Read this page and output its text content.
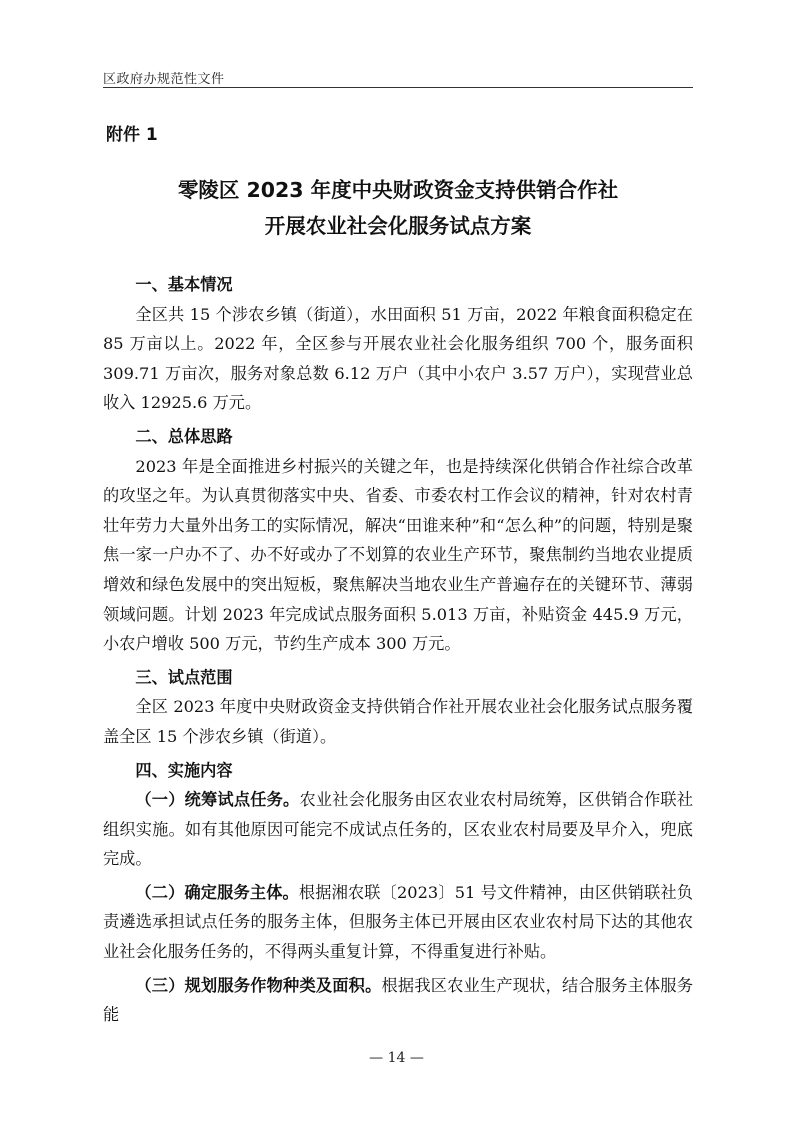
区政府办规范性文件
附件 1
零陵区 2023 年度中央财政资金支持供销合作社
开展农业社会化服务试点方案
一、基本情况

全区共 15 个涉农乡镇（街道），水田面积 51 万亩，2022 年粮食面积稳定在 85 万亩以上。2022 年，全区参与开展农业社会化服务组织 700 个，服务面积 309.71 万亩次，服务对象总数 6.12 万户（其中小农户 3.57 万户），实现营业总收入 12925.6 万元。

二、总体思路

2023 年是全面推进乡村振兴的关键之年，也是持续深化供销合作社综合改革的攻坚之年。为认真贯彻落实中央、省委、市委农村工作会议的精神，针对农村青壮年劳力大量外出务工的实际情况，解决“田谁来种”和“怎么种”的问题，特别是聚焦一家一户办不了、办不好或办了不划算的农业生产环节，聚焦制约当地农业提质增效和绿色发展中的突出短板，聚焦解决当地农业生产普遍存在的关键环节、薄弱领域问题。计划 2023 年完成试点服务面积 5.013 万亩，补贴资金 445.9 万元，小农户增收 500 万元，节约生产成本 300 万元。

三、试点范围

全区 2023 年度中央财政资金支持供销合作社开展农业社会化服务试点服务覆盖全区 15 个涉农乡镇（街道）。

四、实施内容

（一）统筹试点任务。农业社会化服务由区农业农村局统筹，区供销合作联社组织实施。如有其他原因可能完不成试点任务的，区农业农村局要及早介入，兜底完成。

（二）确定服务主体。根据湘农联〔2023〕51 号文件精神，由区供销联社负责遴选承担试点任务的服务主体，但服务主体已开展由区农业农村局下达的其他农业社会化服务任务的，不得两头重复计算，不得重复进行补贴。

（三）规划服务作物种类及面积。根据我区农业生产现状，结合服务主体服务能

— 14 —
